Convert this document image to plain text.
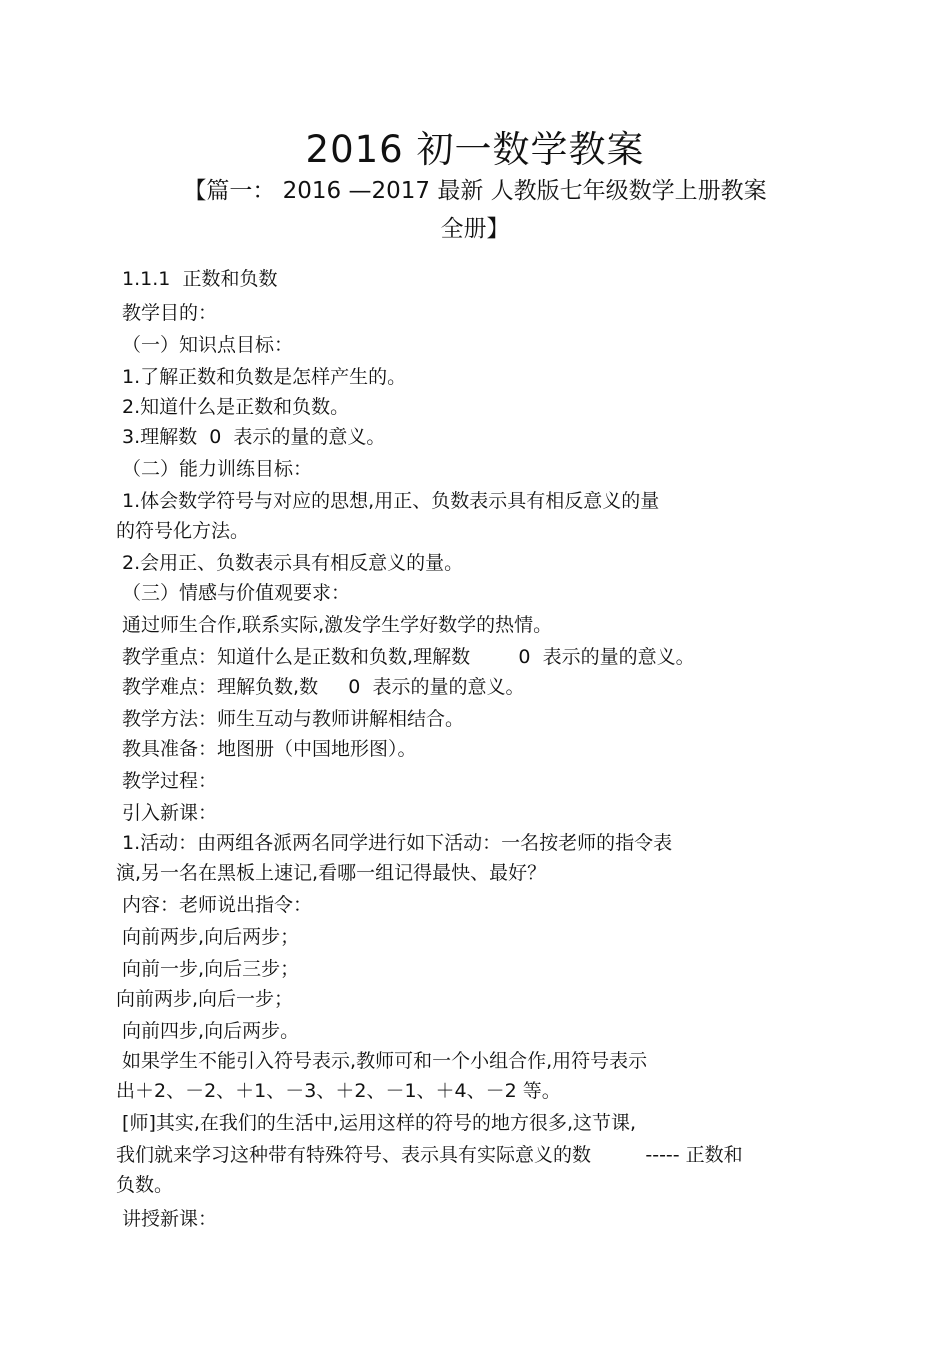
2016 初一数学教案
【篇一： 2016 —2017 最新 人教版七年级数学上册教案
全册】
1.1.1  正数和负数
教学目的：
（一）知识点目标：
1.了解正数和负数是怎样产生的。
2.知道什么是正数和负数。
3.理解数  0  表示的量的意义。
（二）能力训练目标：
1.体会数学符号与对应的思想,用正、负数表示具有相反意义的量
的符号化方法。
2.会用正、负数表示具有相反意义的量。
（三）情感与价值观要求：
通过师生合作,联系实际,激发学生学好数学的热情。
教学重点：知道什么是正数和负数,理解数        0  表示的量的意义。
教学难点：理解负数,数     0  表示的量的意义。
教学方法：师生互动与教师讲解相结合。
教具准备：地图册（中国地形图）。
教学过程：
引入新课：
1.活动：由两组各派两名同学进行如下活动：一名按老师的指令表
演,另一名在黑板上速记,看哪一组记得最快、最好？
内容：老师说出指令：
向前两步,向后两步；
向前一步,向后三步；
向前两步,向后一步；
向前四步,向后两步。
如果学生不能引入符号表示,教师可和一个小组合作,用符号表示
出＋2、－2、＋1、－3、＋2、－1、＋4、－2 等。
[师]其实,在我们的生活中,运用这样的符号的地方很多,这节课,
我们就来学习这种带有特殊符号、表示具有实际意义的数         ----- 正数和
负数。
讲授新课：
